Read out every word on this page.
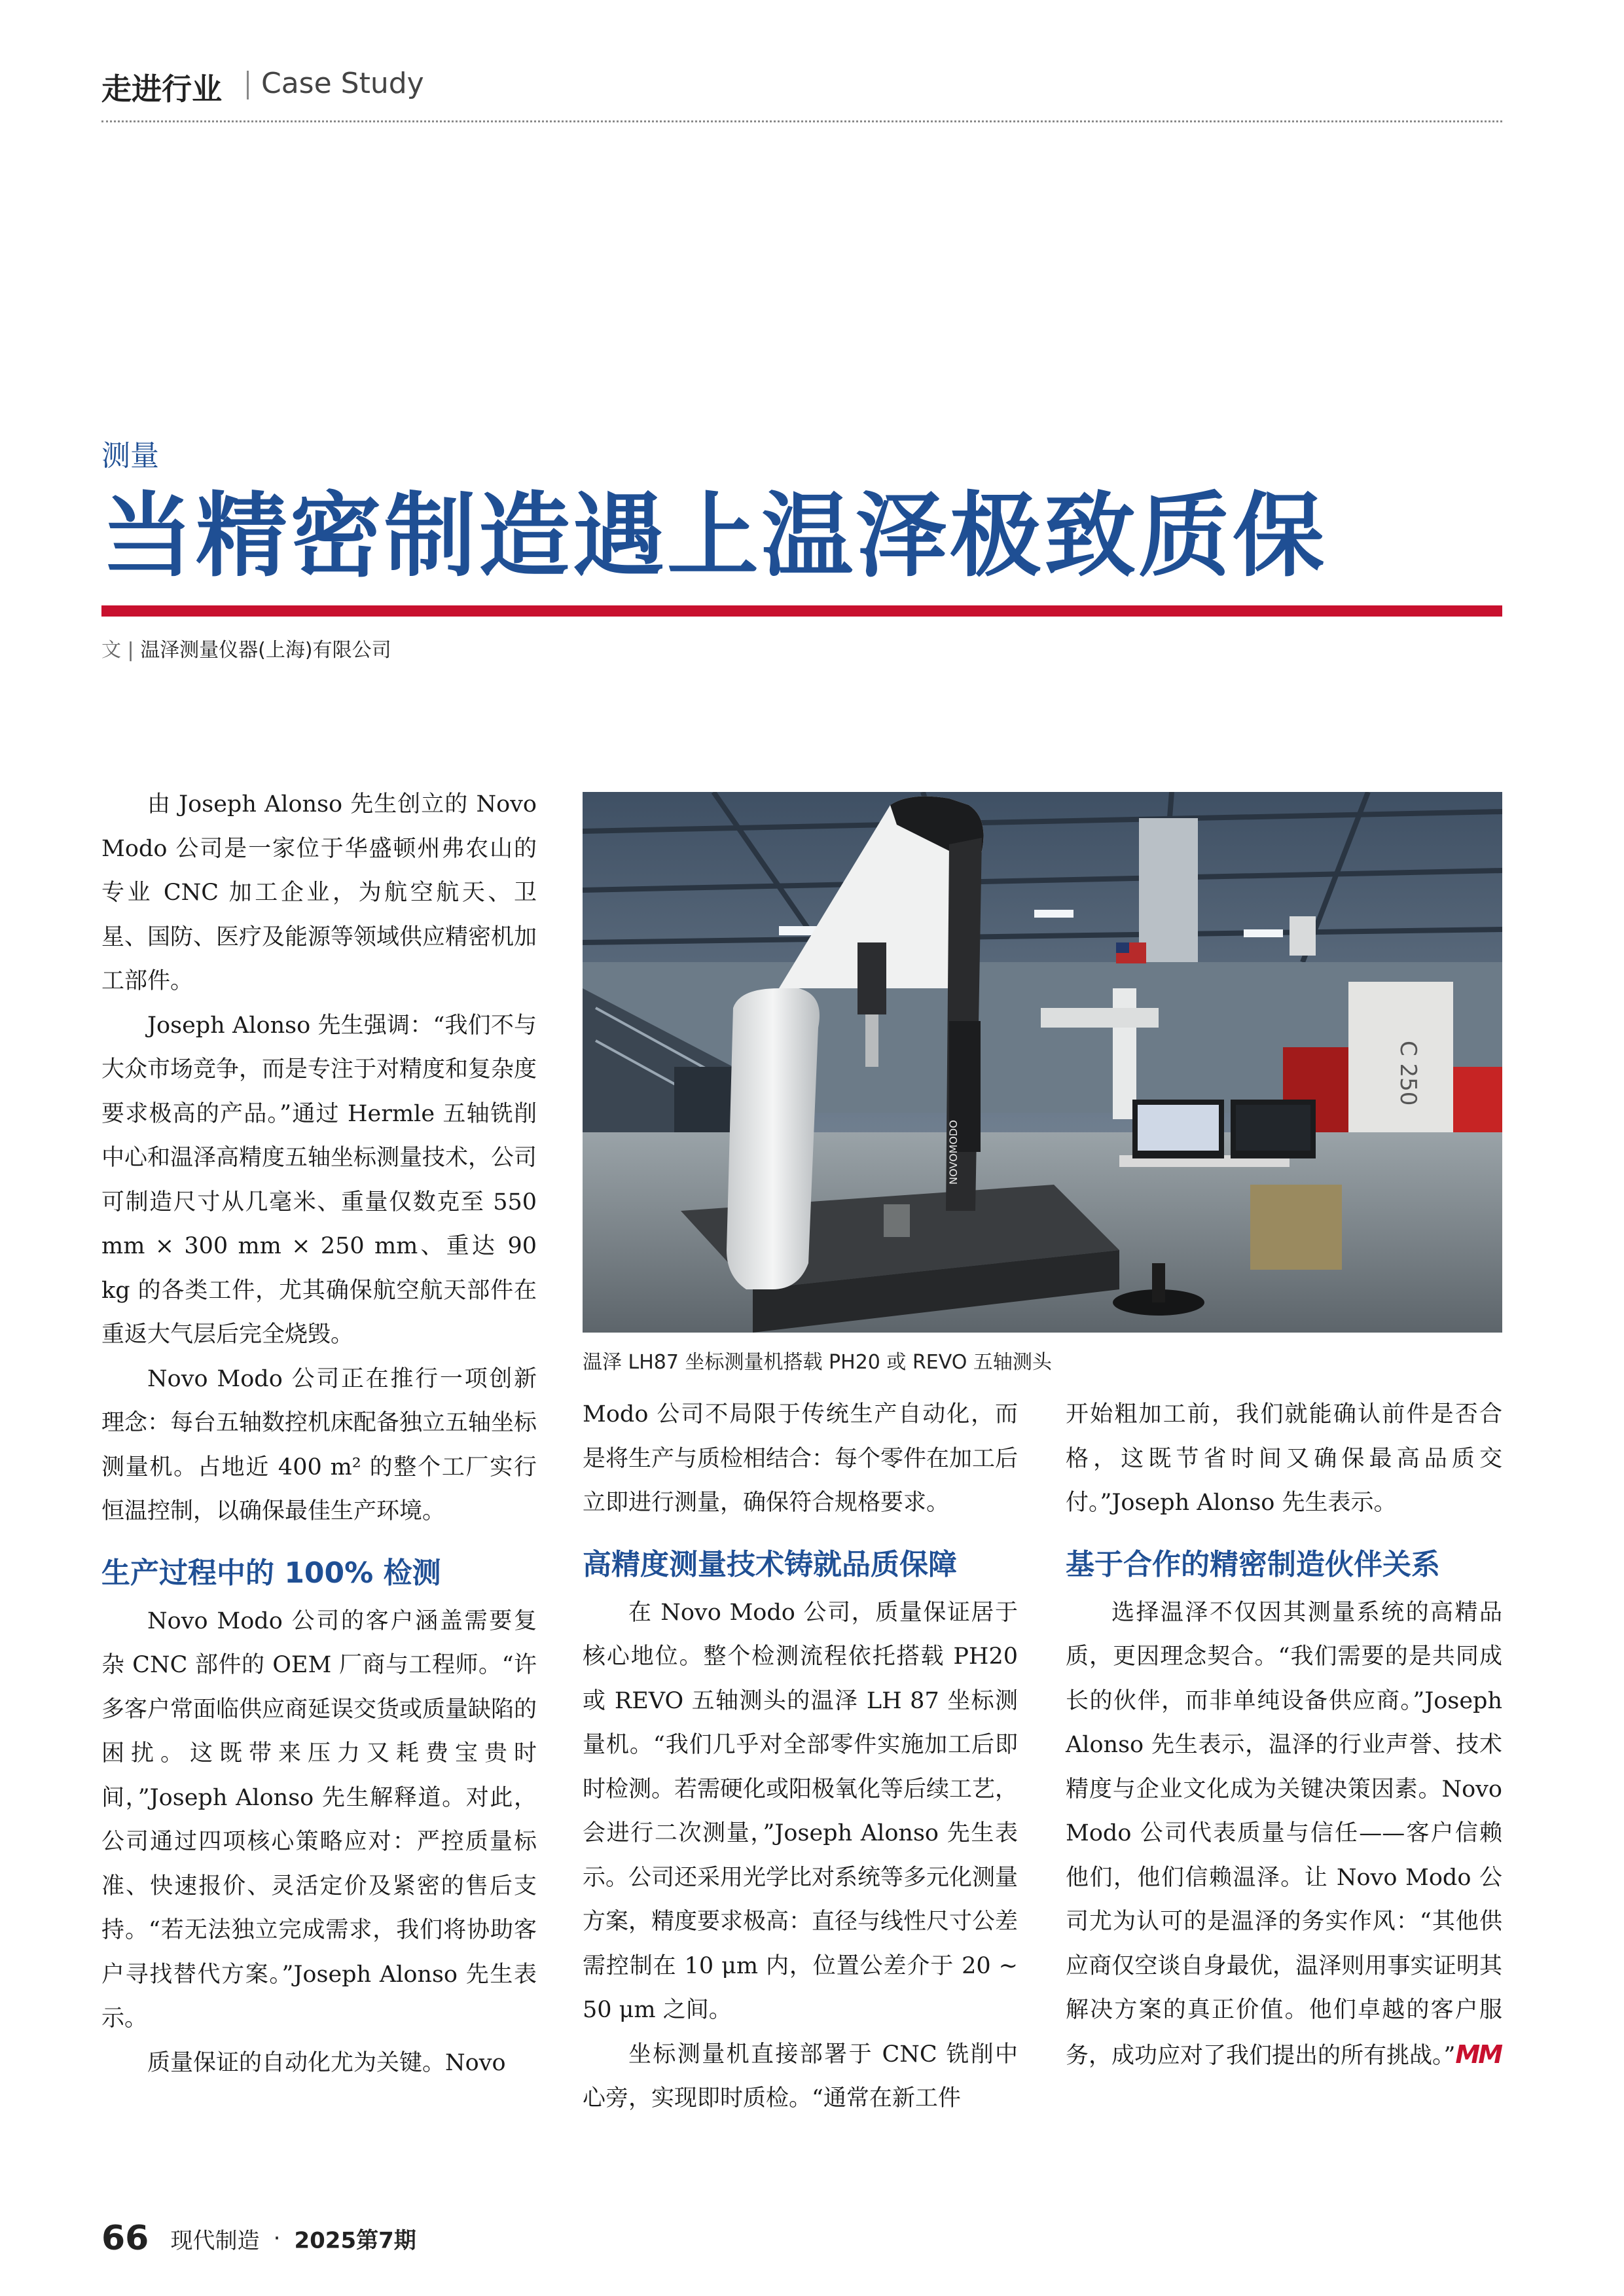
走进行业 Case Study
测量
当精密制造遇上温泽极致质保
文 | 温泽测量仪器(上海)有限公司
C 250
NOVOMODO
温泽 LH87 坐标测量机搭载 PH20 或 REVO 五轴测头

由 Joseph Alonso 先生创立的 Novo Modo 公司是一家位于华盛顿州弗农山的专业 CNC 加工企业，为航空航天、卫星、国防、医疗及能源等领域供应精密机加工部件。

Joseph Alonso 先生强调：“我们不与大众市场竞争，而是专注于对精度和复杂度要求极高的产品。”通过 Hermle 五轴铣削中心和温泽高精度五轴坐标测量技术，公司可制造尺寸从几毫米、重量仅数克至 550 mm × 300 mm × 250 mm、重达 90 kg 的各类工件，尤其确保航空航天部件在重返大气层后完全烧毁。

Novo Modo 公司正在推行一项创新理念：每台五轴数控机床配备独立五轴坐标测量机。占地近 400 m² 的整个工厂实行恒温控制，以确保最佳生产环境。

生产过程中的 100% 检测

Novo Modo 公司的客户涵盖需要复杂 CNC 部件的 OEM 厂商与工程师。“许多客户常面临供应商延误交货或质量缺陷的困扰。这既带来压力又耗费宝贵时间，”Joseph Alonso 先生解释道。对此，公司通过四项核心策略应对：严控质量标准、快速报价、灵活定价及紧密的售后支持。“若无法独立完成需求，我们将协助客户寻找替代方案。”Joseph Alonso 先生表示。

质量保证的自动化尤为关键。Novo

Modo 公司不局限于传统生产自动化，而是将生产与质检相结合：每个零件在加工后立即进行测量，确保符合规格要求。

高精度测量技术铸就品质保障

在 Novo Modo 公司，质量保证居于核心地位。整个检测流程依托搭载 PH20 或 REVO 五轴测头的温泽 LH 87 坐标测量机。“我们几乎对全部零件实施加工后即时检测。若需硬化或阳极氧化等后续工艺，会进行二次测量，”Joseph Alonso 先生表示。公司还采用光学比对系统等多元化测量方案，精度要求极高：直径与线性尺寸公差需控制在 10 μm 内，位置公差介于 20 ~ 50 μm 之间。

坐标测量机直接部署于 CNC 铣削中心旁，实现即时质检。“通常在新工件

开始粗加工前，我们就能确认前件是否合格，这既节省时间又确保最高品质交付。”Joseph Alonso 先生表示。

基于合作的精密制造伙伴关系

选择温泽不仅因其测量系统的高精品质，更因理念契合。“我们需要的是共同成长的伙伴，而非单纯设备供应商。”Joseph Alonso 先生表示，温泽的行业声誉、技术精度与企业文化成为关键决策因素。Novo Modo 公司代表质量与信任——客户信赖他们，他们信赖温泽。让 Novo Modo 公司尤为认可的是温泽的务实作风：“其他供应商仅空谈自身最优，温泽则用事实证明其解决方案的真正价值。他们卓越的客户服务，成功应对了我们提出的所有挑战。”MM

66 现代制造 · 2025第7期
